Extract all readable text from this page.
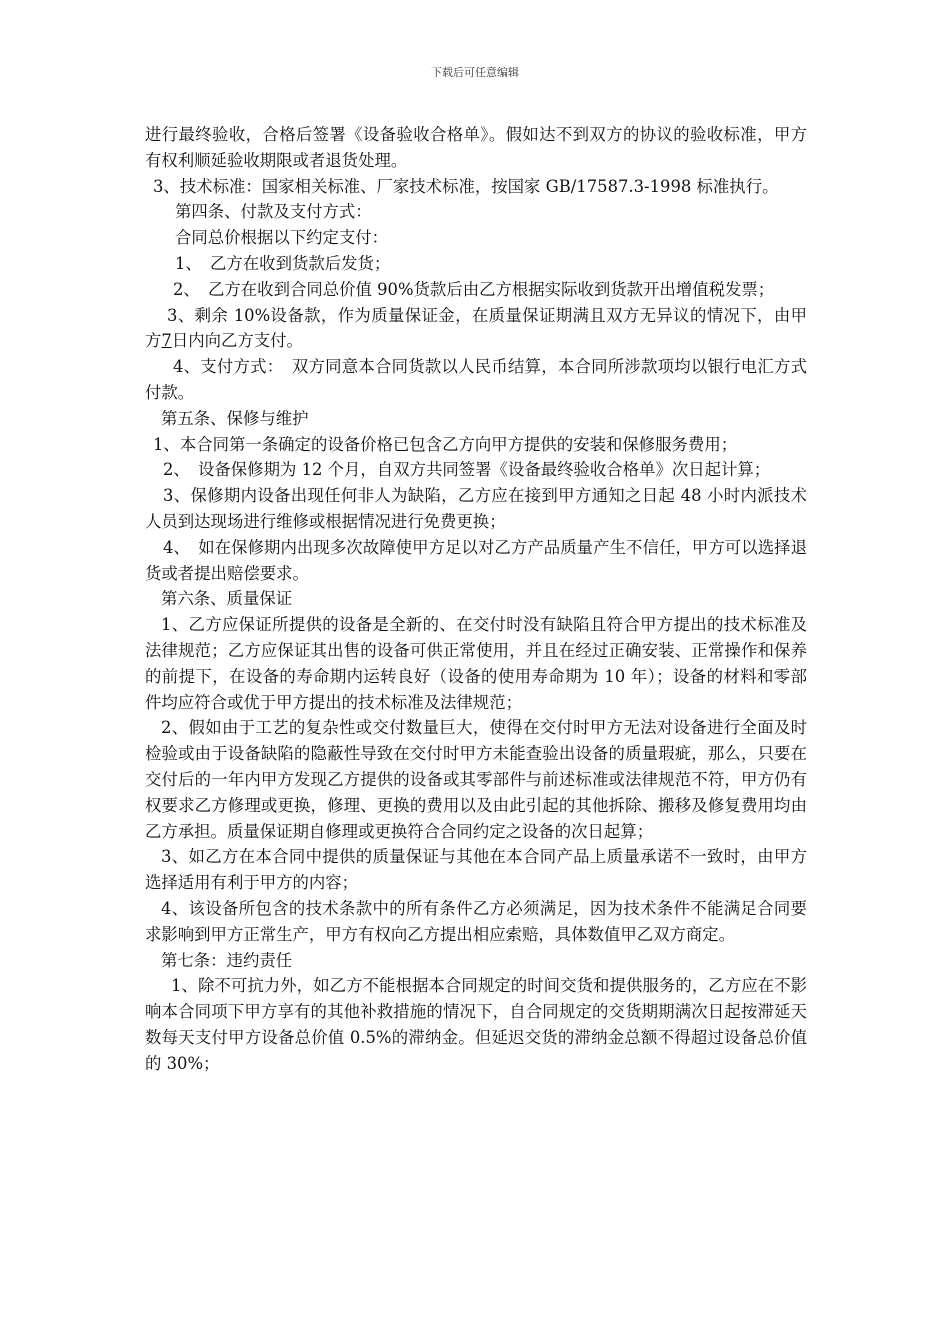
下载后可任意编辑

进行最终验收，合格后签署《设备验收合格单》。假如达不到双方的协议的验收标准，甲方有权利顺延验收期限或者退货处理。

3、技术标准：国家相关标准、厂家技术标准，按国家 GB/17587.3-1998 标准执行。

第四条、付款及支付方式：

合同总价根据以下约定支付：

1、　乙方在收到货款后发货；

2、　乙方在收到合同总价值 90%货款后由乙方根据实际收到货款开出增值税发票；

3、剩余 10%设备款，作为质量保证金，在质量保证期满且双方无异议的情况下，由甲方7日内向乙方支付。

4、支付方式：　双方同意本合同货款以人民币结算，本合同所涉款项均以银行电汇方式付款。

第五条、保修与维护

1、本合同第一条确定的设备价格已包含乙方向甲方提供的安装和保修服务费用；

2、　设备保修期为 12 个月，自双方共同签署《设备最终验收合格单》次日起计算；

3、保修期内设备出现任何非人为缺陷，乙方应在接到甲方通知之日起 48 小时内派技术人员到达现场进行维修或根据情况进行免费更换；

4、　如在保修期内出现多次故障使甲方足以对乙方产品质量产生不信任，甲方可以选择退货或者提出赔偿要求。

第六条、质量保证

1、乙方应保证所提供的设备是全新的、在交付时没有缺陷且符合甲方提出的技术标准及法律规范；乙方应保证其出售的设备可供正常使用，并且在经过正确安装、正常操作和保养的前提下，在设备的寿命期内运转良好（设备的使用寿命期为 10 年）；设备的材料和零部件均应符合或优于甲方提出的技术标准及法律规范；

2、假如由于工艺的复杂性或交付数量巨大，使得在交付时甲方无法对设备进行全面及时检验或由于设备缺陷的隐蔽性导致在交付时甲方未能查验出设备的质量瑕疵，那么，只要在交付后的一年内甲方发现乙方提供的设备或其零部件与前述标准或法律规范不符，甲方仍有权要求乙方修理或更换，修理、更换的费用以及由此引起的其他拆除、搬移及修复费用均由乙方承担。质量保证期自修理或更换符合合同约定之设备的次日起算；

3、如乙方在本合同中提供的质量保证与其他在本合同产品上质量承诺不一致时，由甲方选择适用有利于甲方的内容；

4、该设备所包含的技术条款中的所有条件乙方必须满足，因为技术条件不能满足合同要求影响到甲方正常生产，甲方有权向乙方提出相应索赔，具体数值甲乙双方商定。

第七条：违约责任

1、除不可抗力外，如乙方不能根据本合同规定的时间交货和提供服务的，乙方应在不影响本合同项下甲方享有的其他补救措施的情况下，自合同规定的交货期期满次日起按滞延天数每天支付甲方设备总价值 0.5%的滞纳金。但延迟交货的滞纳金总额不得超过设备总价值的 30%；
